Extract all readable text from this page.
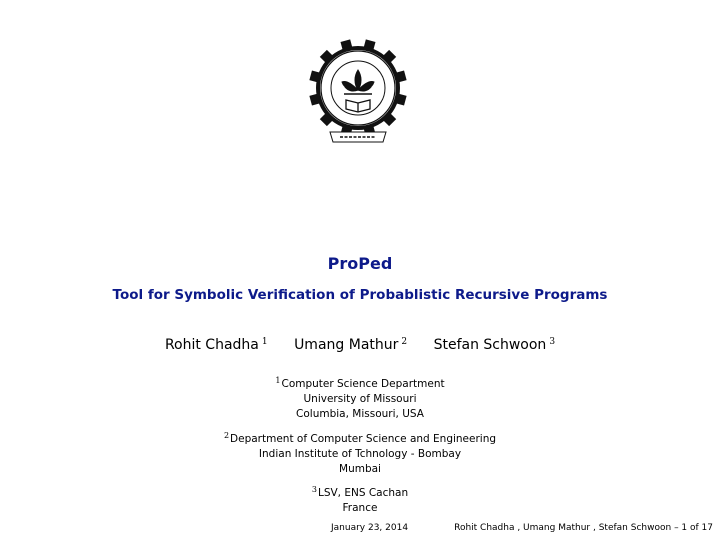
ProPed
Tool for Symbolic Verification of Probablistic Recursive Programs
Rohit Chadha $^1$ Umang Mathur $^2$ Stefan Schwoon $^3$
$^1$Computer Science Department
University of Missouri
Columbia, Missouri, USA
$^2$Department of Computer Science and Engineering
Indian Institute of Tchnology - Bombay
Mumbai
$^3$LSV, ENS Cachan
France
January 23, 2014	Rohit Chadha , Umang Mathur , Stefan Schwoon – 1 of 17
